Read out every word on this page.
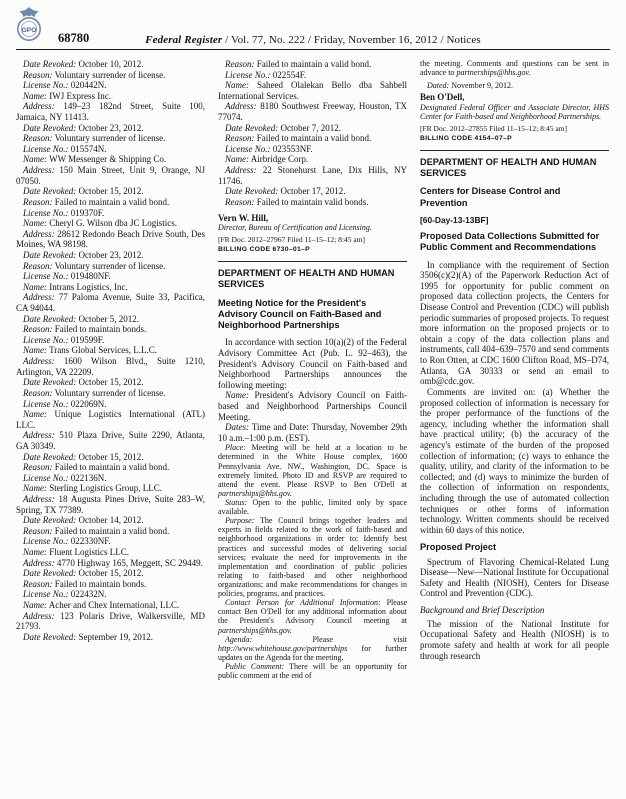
GPO
68780	Federal Register / Vol. 77, No. 222 / Friday, November 16, 2012 / Notices

Date Revoked: October 10, 2012.

Reason: Voluntary surrender of license.

License No.: 020442N.

Name: IWJ Express Inc.

Address: 149–23 182nd Street, Suite 100, Jamaica, NY 11413.

Date Revoked: October 23, 2012.

Reason: Voluntary surrender of license.

License No.: 015574N.

Name: WW Messenger & Shipping Co.

Address: 150 Main Street, Unit 9, Orange, NJ 07050.

Date Revoked: October 15, 2012.

Reason: Failed to maintain a valid bond.

License No.: 019370F.

Name: Cheryl G. Wilson dba JC Logistics.

Address: 28612 Redondo Beach Drive South, Des Moines, WA 98198.

Date Revoked: October 23, 2012.

Reason: Voluntary surrender of license.

License No.: 019480NF.

Name: Intrans Logistics, Inc.

Address: 77 Paloma Avenue, Suite 33, Pacifica, CA 94044.

Date Revoked: October 5, 2012.

Reason: Failed to maintain bonds.

License No.: 019599F.

Name: Trans Global Services, L.L.C.

Address: 1600 Wilson Blvd., Suite 1210, Arlington, VA 22209.

Date Revoked: October 15, 2012.

Reason: Voluntary surrender of license.

License No.: 022069N.

Name: Unique Logistics International (ATL) LLC.

Address: 510 Plaza Drive, Suite 2290, Atlanta, GA 30349.

Date Revoked: October 15, 2012.

Reason: Failed to maintain a valid bond.

License No.: 022136N.

Name: Sterling Logistics Group, LLC.

Address: 18 Augusta Pines Drive, Suite 283–W, Spring, TX 77389.

Date Revoked: October 14, 2012.

Reason: Failed to maintain a valid bond.

License No.: 022330NF.

Name: Fluent Logistics LLC.

Address: 4770 Highway 165, Meggett, SC 29449.

Date Revoked: October 15, 2012.

Reason: Failed to maintain bonds.

License No.: 022432N.

Name: Acher and Chex International, LLC.

Address: 123 Polaris Drive, Walkersville, MD 21793.

Date Revoked: September 19, 2012.

Reason: Failed to maintain a valid bond.

License No.: 022554F.

Name: Saheed Olalekan Bello dba Sahbell International Services.

Address: 8180 Southwest Freeway, Houston, TX 77074.

Date Revoked: October 7, 2012.

Reason: Failed to maintain a valid bond.

License No.: 023553NF.

Name: Airbridge Corp.

Address: 22 Stonehurst Lane, Dix Hills, NY 11746.

Date Revoked: October 17, 2012.

Reason: Failed to maintain valid bonds.

Vern W. Hill,

Director, Bureau of Certification and Licensing.

[FR Doc. 2012–27967 Filed 11–15–12; 8:45 am]

BILLING CODE 6730–01–P

DEPARTMENT OF HEALTH AND HUMAN SERVICES
Meeting Notice for the President's Advisory Council on Faith-Based and Neighborhood Partnerships

In accordance with section 10(a)(2) of the Federal Advisory Committee Act (Pub. L. 92–463), the President's Advisory Council on Faith-based and Neighborhood Partnerships announces the following meeting:

Name: President's Advisory Council on Faith-based and Neighborhood Partnerships Council Meeting.

Dates: Time and Date: Thursday, November 29th 10 a.m.–1:00 p.m. (EST).

Place: Meeting will be held at a location to be determined in the White House complex, 1600 Pennsylvania Ave. NW., Washington, DC. Space is extremely limited. Photo ID and RSVP are required to attend the event. Please RSVP to Ben O'Dell at partnerships@hhs.gov.

Status: Open to the public, limited only by space available.

Purpose: The Council brings together leaders and experts in fields related to the work of faith-based and neighborhood organizations in order to: Identify best practices and successful modes of delivering social services; evaluate the need for improvements in the implementation and coordination of public policies relating to faith-based and other neighborhood organizations; and make recommendations for changes in policies, programs, and practices.

Contact Person for Additional Information: Please contact Ben O'Dell for any additional information about the President's Advisory Council meeting at partnerships@hhs.gov.

Agenda:	Please visit http://www.whitehouse.gov/partnerships for further updates on the Agenda for the meeting.

Public Comment: There will be an opportunity for public comment at the end of

the meeting. Comments and questions can be sent in advance to partnerships@hhs.gov.

Dated: November 9, 2012.

Ben O'Dell,

Designated Federal Officer and Associate Director, HHS Center for Faith-based and Neighborhood Partnerships.

[FR Doc. 2012–27855 Filed 11–15–12; 8:45 am]

BILLING CODE 4154–07–P

DEPARTMENT OF HEALTH AND HUMAN SERVICES
Centers for Disease Control and Prevention

[60-Day-13-13BF]

Proposed Data Collections Submitted for Public Comment and Recommendations

In compliance with the requirement of Section 3506(c)(2)(A) of the Paperwork Reduction Act of 1995 for opportunity for public comment on proposed data collection projects, the Centers for Disease Control and Prevention (CDC) will publish periodic summaries of proposed projects. To request more information on the proposed projects or to obtain a copy of the data collection plans and instruments, call 404–639–7570 and send comments to Ron Otten, at CDC 1600 Clifton Road, MS–D74, Atlanta, GA 30333 or send an email to omb@cdc.gov.

Comments are invited on: (a) Whether the proposed collection of information is necessary for the proper performance of the functions of the agency, including whether the information shall have practical utility; (b) the accuracy of the agency's estimate of the burden of the proposed collection of information; (c) ways to enhance the quality, utility, and clarity of the information to be collected; and (d) ways to minimize the burden of the collection of information on respondents, including through the use of automated collection techniques or other forms of information technology. Written comments should be received within 60 days of this notice.

Proposed Project

Spectrum of Flavoring Chemical-Related Lung Disease—New—National Institute for Occupational Safety and Health (NIOSH), Centers for Disease Control and Prevention (CDC).

Background and Brief Description

The mission of the National Institute for Occupational Safety and Health (NIOSH) is to promote safety and health at work for all people through research
